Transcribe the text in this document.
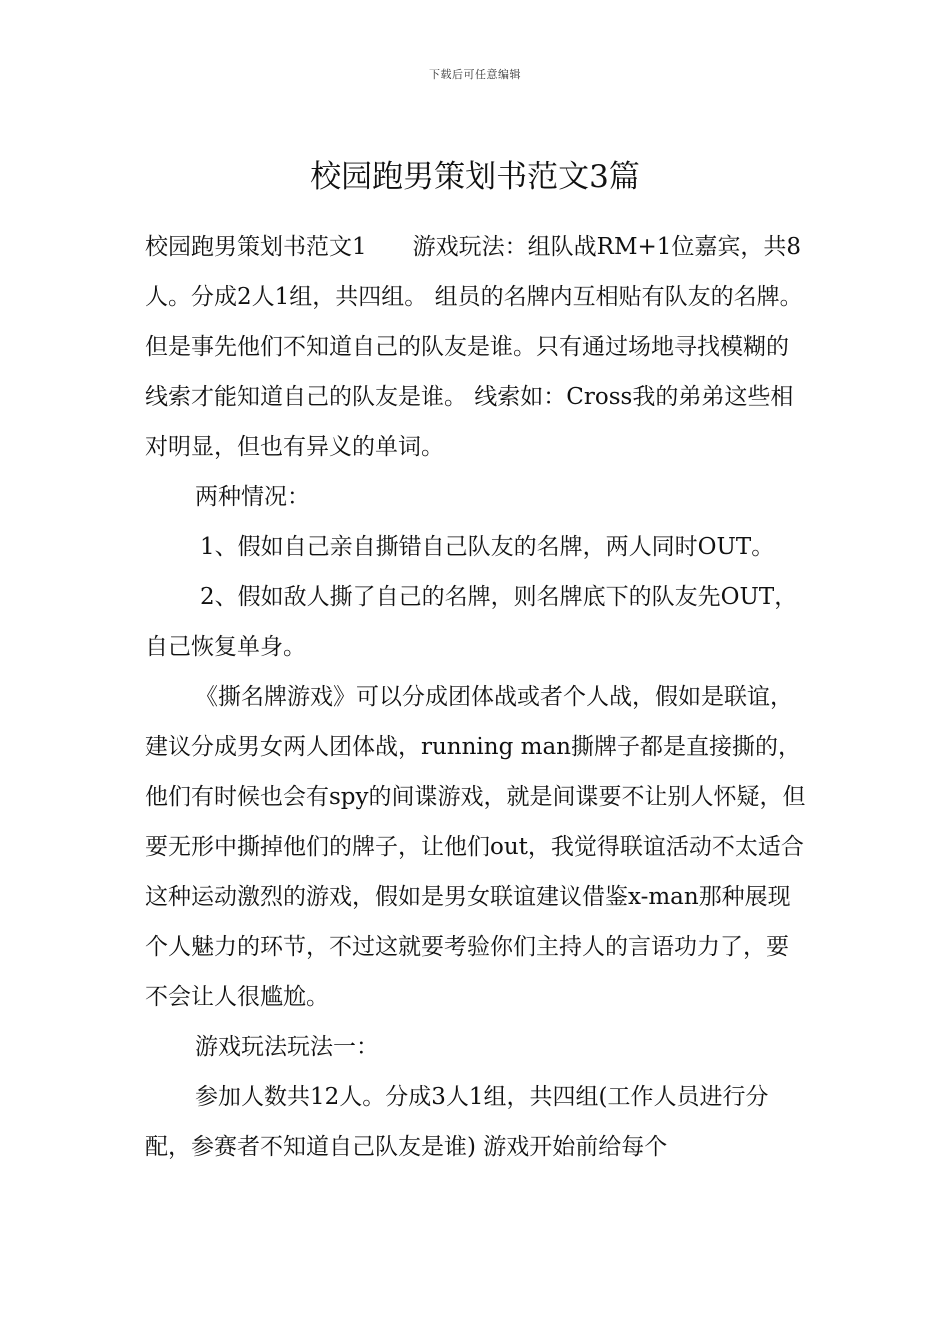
下载后可任意编辑
校园跑男策划书范文3篇

校园跑男策划书范文1　　游戏玩法：组队战RM+1位嘉宾，共8人。分成2人1组，共四组。 组员的名牌内互相贴有队友的名牌。但是事先他们不知道自己的队友是谁。只有通过场地寻找模糊的线索才能知道自己的队友是谁。 线索如：Cross我的弟弟这些相对明显，但也有异义的单词。

两种情况：

1、假如自己亲自撕错自己队友的名牌，两人同时OUT。

2、假如敌人撕了自己的名牌，则名牌底下的队友先OUT，自己恢复单身。

《撕名牌游戏》可以分成团体战或者个人战，假如是联谊，建议分成男女两人团体战，running man撕牌子都是直接撕的，他们有时候也会有spy的间谍游戏，就是间谍要不让别人怀疑，但要无形中撕掉他们的牌子，让他们out，我觉得联谊活动不太适合这种运动激烈的游戏，假如是男女联谊建议借鉴x-man那种展现个人魅力的环节，不过这就要考验你们主持人的言语功力了，要不会让人很尴尬。

游戏玩法玩法一：

参加人数共12人。分成3人1组，共四组(工作人员进行分配，参赛者不知道自己队友是谁) 游戏开始前给每个
